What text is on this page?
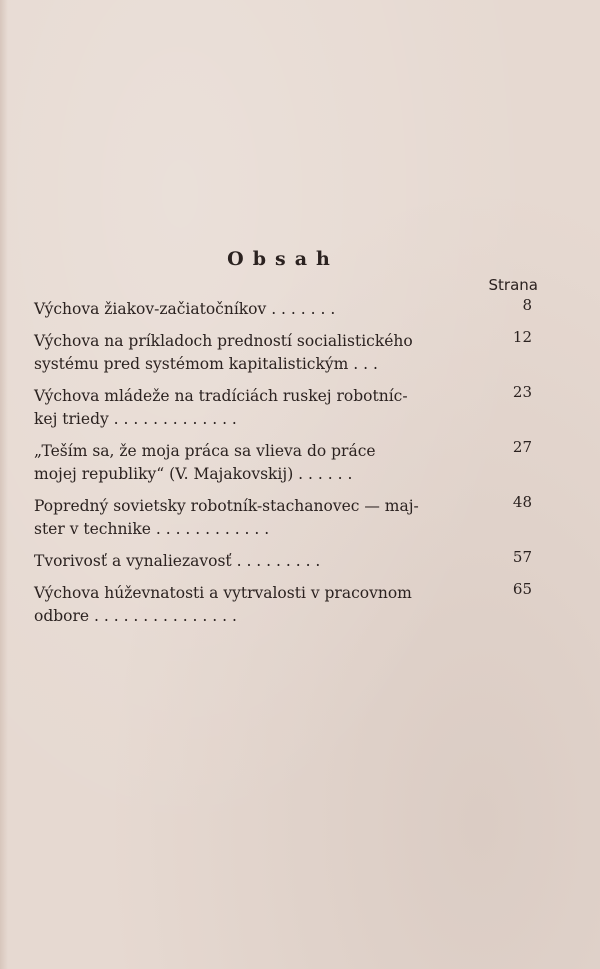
Obsah
Strana
Výchova žiakov-začiatočníkov . . . . . . .	8
Výchova na príkladoch predností socialistického
systému pred systémom kapitalistickým . . .
12
Výchova mládeže na tradíciách ruskej robotníc-
kej triedy . . . . . . . . . . . . .
23
„Teším sa, že moja práca sa vlieva do práce
mojej republiky“ (V. Majakovskij) . . . . . .
27
Popredný sovietsky robotník-stachanovec — maj-
ster v technike . . . . . . . . . . . .
48
Tvorivosť a vynaliezavosť . . . . . . . . .	57
Výchova húževnatosti a vytrvalosti v pracovnom
odbore . . . . . . . . . . . . . . .
65
